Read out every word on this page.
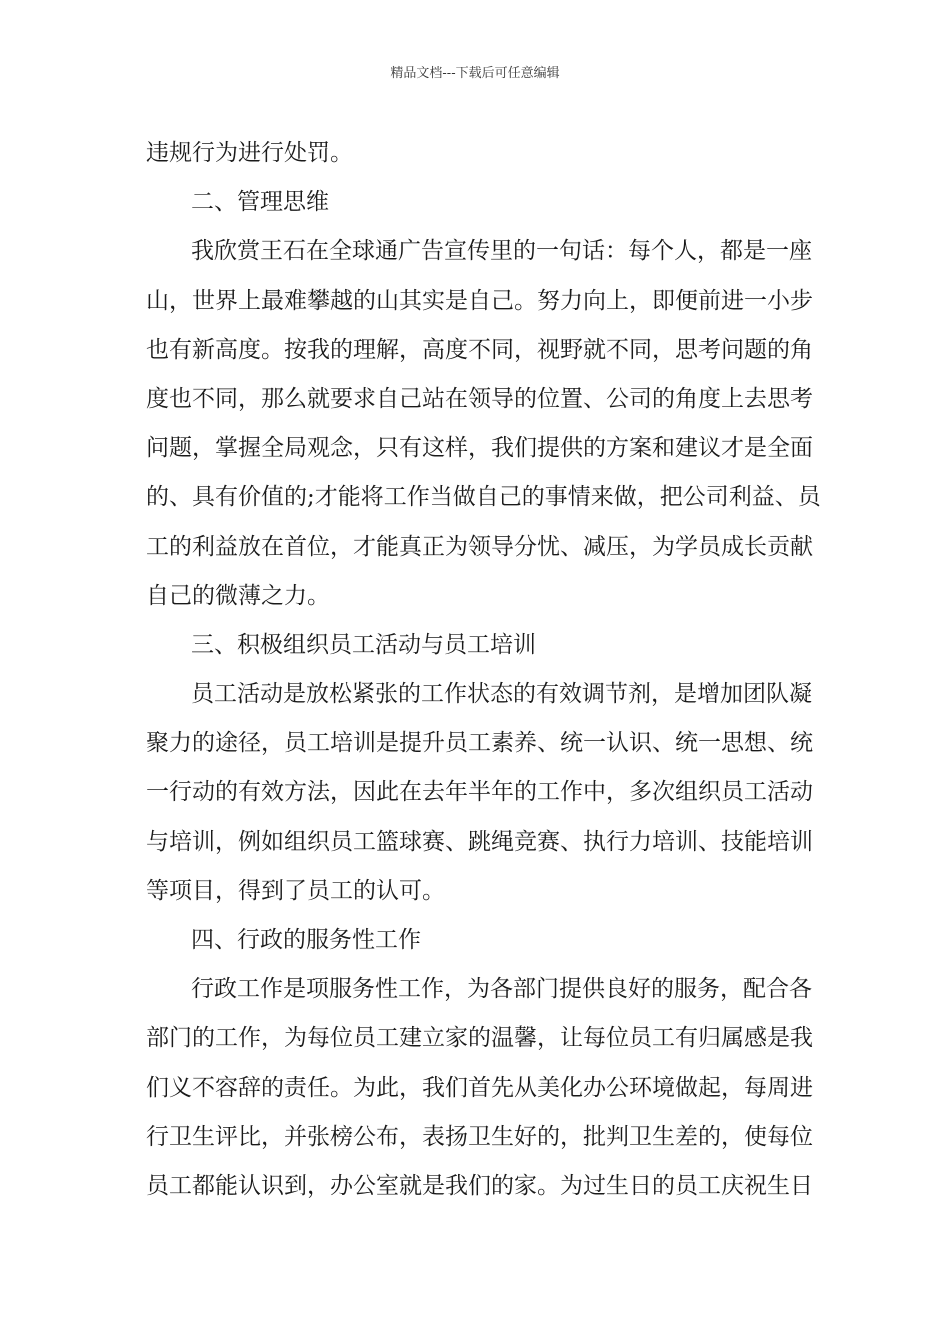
精品文档---下载后可任意编辑
违规行为进行处罚。
二、管理思维
我欣赏王石在全球通广告宣传里的一句话：每个人，都是一座
山，世界上最难攀越的山其实是自己。努力向上，即便前进一小步
也有新高度。按我的理解，高度不同，视野就不同，思考问题的角
度也不同，那么就要求自己站在领导的位置、公司的角度上去思考
问题，掌握全局观念，只有这样，我们提供的方案和建议才是全面
的、具有价值的;才能将工作当做自己的事情来做，把公司利益、员
工的利益放在首位，才能真正为领导分忧、减压，为学员成长贡献
自己的微薄之力。
三、积极组织员工活动与员工培训
员工活动是放松紧张的工作状态的有效调节剂，是增加团队凝
聚力的途径，员工培训是提升员工素养、统一认识、统一思想、统
一行动的有效方法，因此在去年半年的工作中，多次组织员工活动
与培训，例如组织员工篮球赛、跳绳竞赛、执行力培训、技能培训
等项目，得到了员工的认可。
四、行政的服务性工作
行政工作是项服务性工作，为各部门提供良好的服务，配合各
部门的工作，为每位员工建立家的温馨，让每位员工有归属感是我
们义不容辞的责任。为此，我们首先从美化办公环境做起，每周进
行卫生评比，并张榜公布，表扬卫生好的，批判卫生差的，使每位
员工都能认识到，办公室就是我们的家。为过生日的员工庆祝生日
